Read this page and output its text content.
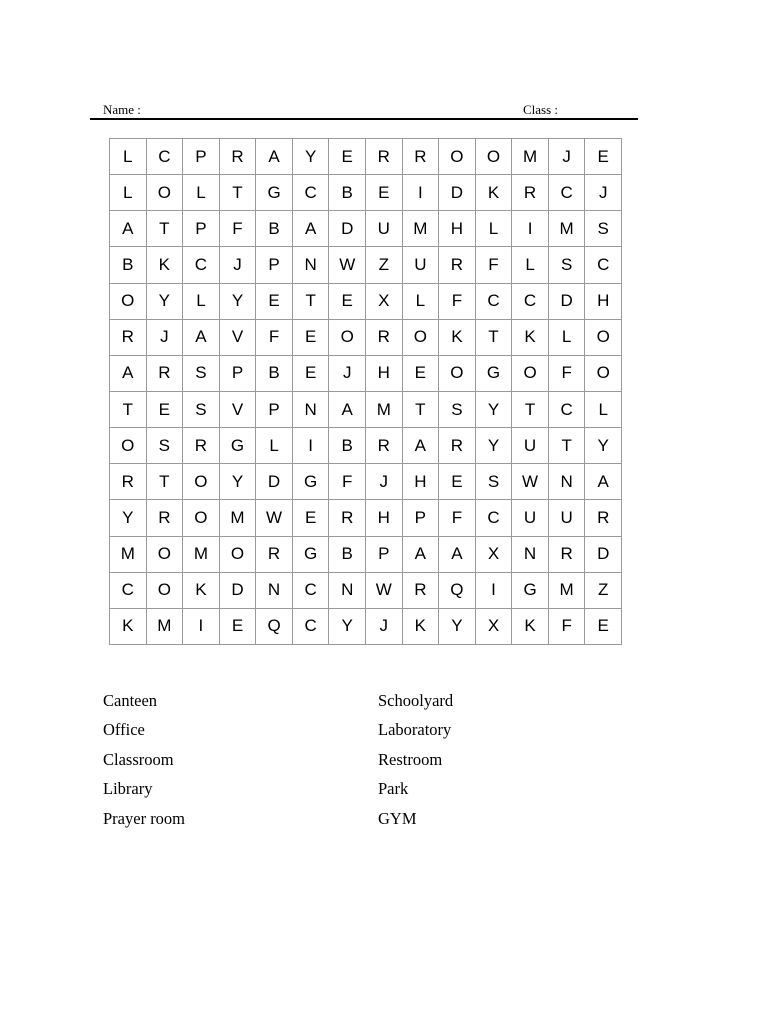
Name :	Class :
L	C	P	R	A	Y	E	R	R	O	O	M	J	E
L	O	L	T	G	C	B	E	I	D	K	R	C	J
A	T	P	F	B	A	D	U	M	H	L	I	M	S
B	K	C	J	P	N	W	Z	U	R	F	L	S	C
O	Y	L	Y	E	T	E	X	L	F	C	C	D	H
R	J	A	V	F	E	O	R	O	K	T	K	L	O
A	R	S	P	B	E	J	H	E	O	G	O	F	O
T	E	S	V	P	N	A	M	T	S	Y	T	C	L
O	S	R	G	L	I	B	R	A	R	Y	U	T	Y
R	T	O	Y	D	G	F	J	H	E	S	W	N	A
Y	R	O	M	W	E	R	H	P	F	C	U	U	R
M	O	M	O	R	G	B	P	A	A	X	N	R	D
C	O	K	D	N	C	N	W	R	Q	I	G	M	Z
K	M	I	E	Q	C	Y	J	K	Y	X	K	F	E
Canteen
Office
Classroom
Library
Prayer room
Schoolyard
Laboratory
Restroom
Park
GYM
